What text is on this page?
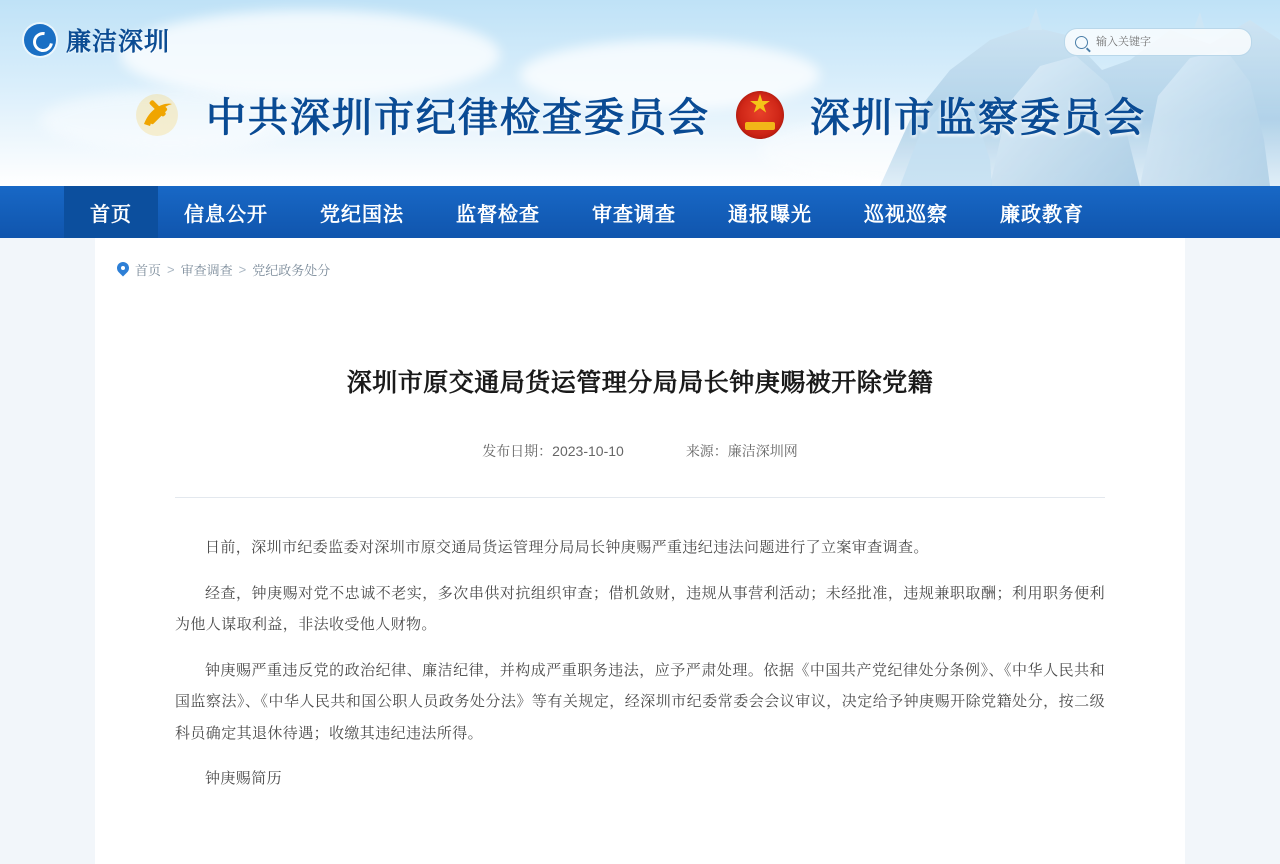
廉洁深圳
输入关键字
中共深圳市纪律检查委员会 ★	深圳市监察委员会
首页	信息公开	党纪国法	监督检查	审查调查	通报曝光	巡视巡察	廉政教育
首页 > 审查调查 > 党纪政务处分
深圳市原交通局货运管理分局局长钟庚赐被开除党籍
发布日期：2023-10-10	来源：廉洁深圳网

日前，深圳市纪委监委对深圳市原交通局货运管理分局局长钟庚赐严重违纪违法问题进行了立案审查调查。

经查，钟庚赐对党不忠诚不老实，多次串供对抗组织审查；借机敛财，违规从事营利活动；未经批准，违规兼职取酬；利用职务便利为他人谋取利益，非法收受他人财物。

钟庚赐严重违反党的政治纪律、廉洁纪律，并构成严重职务违法，应予严肃处理。依据《中国共产党纪律处分条例》、《中华人民共和国监察法》、《中华人民共和国公职人员政务处分法》等有关规定，经深圳市纪委常委会会议审议，决定给予钟庚赐开除党籍处分，按二级科员确定其退休待遇；收缴其违纪违法所得。

钟庚赐简历
